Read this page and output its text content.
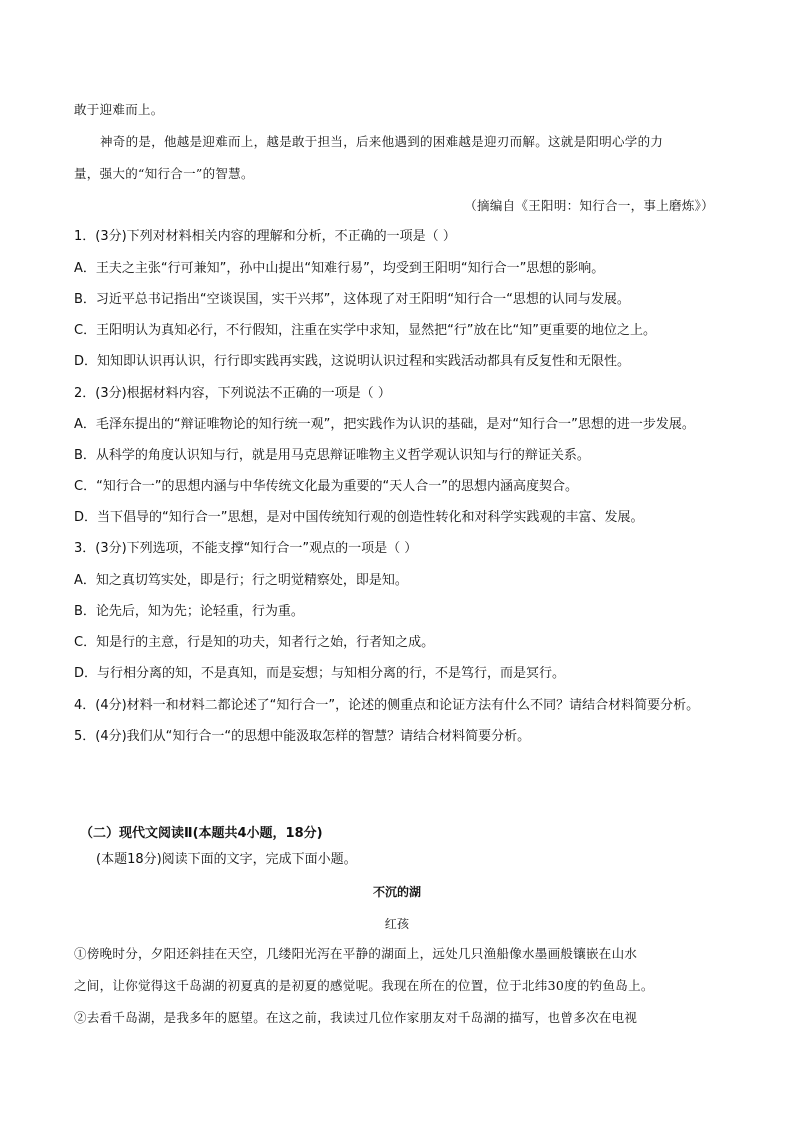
敢于迎难而上。
神奇的是，他越是迎难而上，越是敢于担当，后来他遇到的困难越是迎刃而解。这就是阳明心学的力
量，强大的“知行合一”的智慧。
（摘编自《王阳明：知行合一，事上磨炼》）
1．(3分)下列对材料相关内容的理解和分析，不正确的一项是（ ）
A．王夫之主张“行可兼知”，孙中山提出“知难行易”，均受到王阳明“知行合一”思想的影响。
B．习近平总书记指出“空谈误国，实干兴邦”，这体现了对王阳明“知行合一“思想的认同与发展。
C．王阳明认为真知必行，不行假知，注重在实学中求知，显然把“行”放在比“知”更重要的地位之上。
D．知知即认识再认识，行行即实践再实践，这说明认识过程和实践活动都具有反复性和无限性。
2．(3分)根据材料内容，下列说法不正确的一项是（ ）
A．毛泽东提出的“辩证唯物论的知行统一观”，把实践作为认识的基础，是对“知行合一”思想的进一步发展。
B．从科学的角度认识知与行，就是用马克思辩证唯物主义哲学观认识知与行的辩证关系。
C．“知行合一”的思想内涵与中华传统文化最为重要的“天人合一”的思想内涵高度契合。
D．当下倡导的“知行合一”思想，是对中国传统知行观的创造性转化和对科学实践观的丰富、发展。
3．(3分)下列选项，不能支撑“知行合一”观点的一项是（ ）
A．知之真切笃实处，即是行；行之明觉精察处，即是知。
B．论先后，知为先；论轻重，行为重。
C．知是行的主意，行是知的功夫，知者行之始，行者知之成。
D．与行相分离的知，不是真知，而是妄想；与知相分离的行，不是笃行，而是冥行。
4．(4分)材料一和材料二都论述了“知行合一”，论述的侧重点和论证方法有什么不同？请结合材料简要分析。
5．(4分)我们从“知行合一“的思想中能汲取怎样的智慧？请结合材料简要分析。
（二）现代文阅读Ⅱ(本题共4小题，18分)
(本题18分)阅读下面的文字，完成下面小题。
不沉的湖
红孩
①傍晚时分，夕阳还斜挂在天空，几缕阳光泻在平静的湖面上，远处几只渔船像水墨画般镶嵌在山水
之间，让你觉得这千岛湖的初夏真的是初夏的感觉呢。我现在所在的位置，位于北纬30度的钓鱼岛上。
②去看千岛湖，是我多年的愿望。在这之前，我读过几位作家朋友对千岛湖的描写，也曾多次在电视
